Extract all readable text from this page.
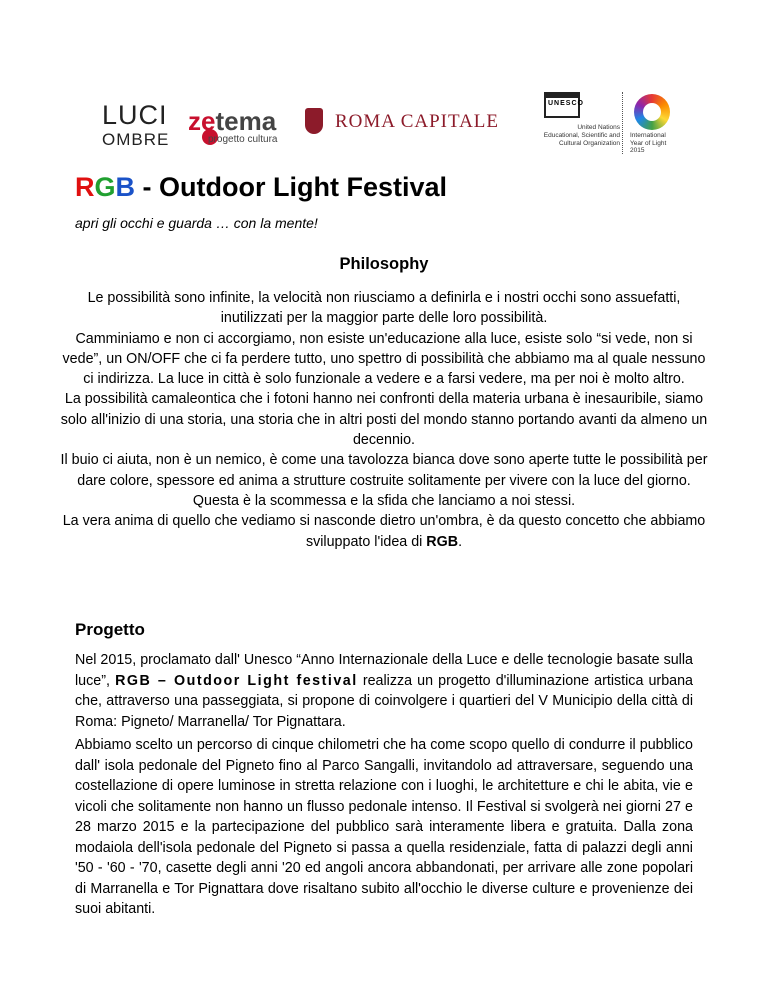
LUCI
OMBRE
zetema
progetto cultura
ROMA CAPITALE
UNESCO
United Nations
Educational, Scientific and
Cultural Organization
International
Year of Light
2015
RGB - Outdoor Light Festival

apri gli occhi e guarda … con la mente!

Philosophy

Le possibilità sono infinite, la velocità non riusciamo a definirla e i nostri occhi sono assuefatti, inutilizzati per la maggior parte delle loro possibilità.

Camminiamo e non ci accorgiamo, non esiste un'educazione alla luce, esiste solo “si vede, non si vede”, un ON/OFF che ci fa perdere tutto, uno spettro di possibilità che abbiamo ma al quale nessuno ci indirizza. La luce in città è solo funzionale a vedere e a farsi vedere, ma per noi è molto altro.

La possibilità camaleontica che i fotoni hanno nei confronti della materia urbana è inesauribile, siamo solo all'inizio di una storia, una storia che in altri posti del mondo stanno portando avanti da almeno un decennio.

Il buio ci aiuta, non è un nemico, è come una tavolozza bianca dove sono aperte tutte le possibilità per dare colore, spessore ed anima a strutture costruite solitamente per vivere con la luce del giorno.

Questa è la scommessa e la sfida che lanciamo a noi stessi.

La vera anima di quello che vediamo si nasconde dietro un'ombra, è da questo concetto che abbiamo sviluppato l'idea di RGB.

Progetto

Nel 2015, proclamato dall' Unesco “Anno Internazionale della Luce e delle tecnologie basate sulla luce”, RGB – Outdoor Light festival realizza un progetto d'illuminazione artistica urbana che, attraverso una passeggiata, si propone di coinvolgere i quartieri del V Municipio della città di Roma: Pigneto/ Marranella/ Tor Pignattara.

Abbiamo scelto un percorso di cinque chilometri che ha come scopo quello di condurre il pubblico dall' isola pedonale del Pigneto fino al Parco Sangalli, invitandolo ad attraversare, seguendo una costellazione di opere luminose in stretta relazione con i luoghi, le architetture e chi le abita, vie e vicoli che solitamente non hanno un flusso pedonale intenso. Il Festival si svolgerà nei giorni 27 e 28 marzo 2015 e la partecipazione del pubblico sarà interamente libera e gratuita. Dalla zona modaiola dell'isola pedonale del Pigneto si passa a quella residenziale, fatta di palazzi degli anni '50 - '60 - '70, casette degli anni '20 ed angoli ancora abbandonati, per arrivare alle zone popolari di Marranella e Tor Pignattara dove risaltano subito all'occhio le diverse culture e provenienze dei suoi abitanti.
